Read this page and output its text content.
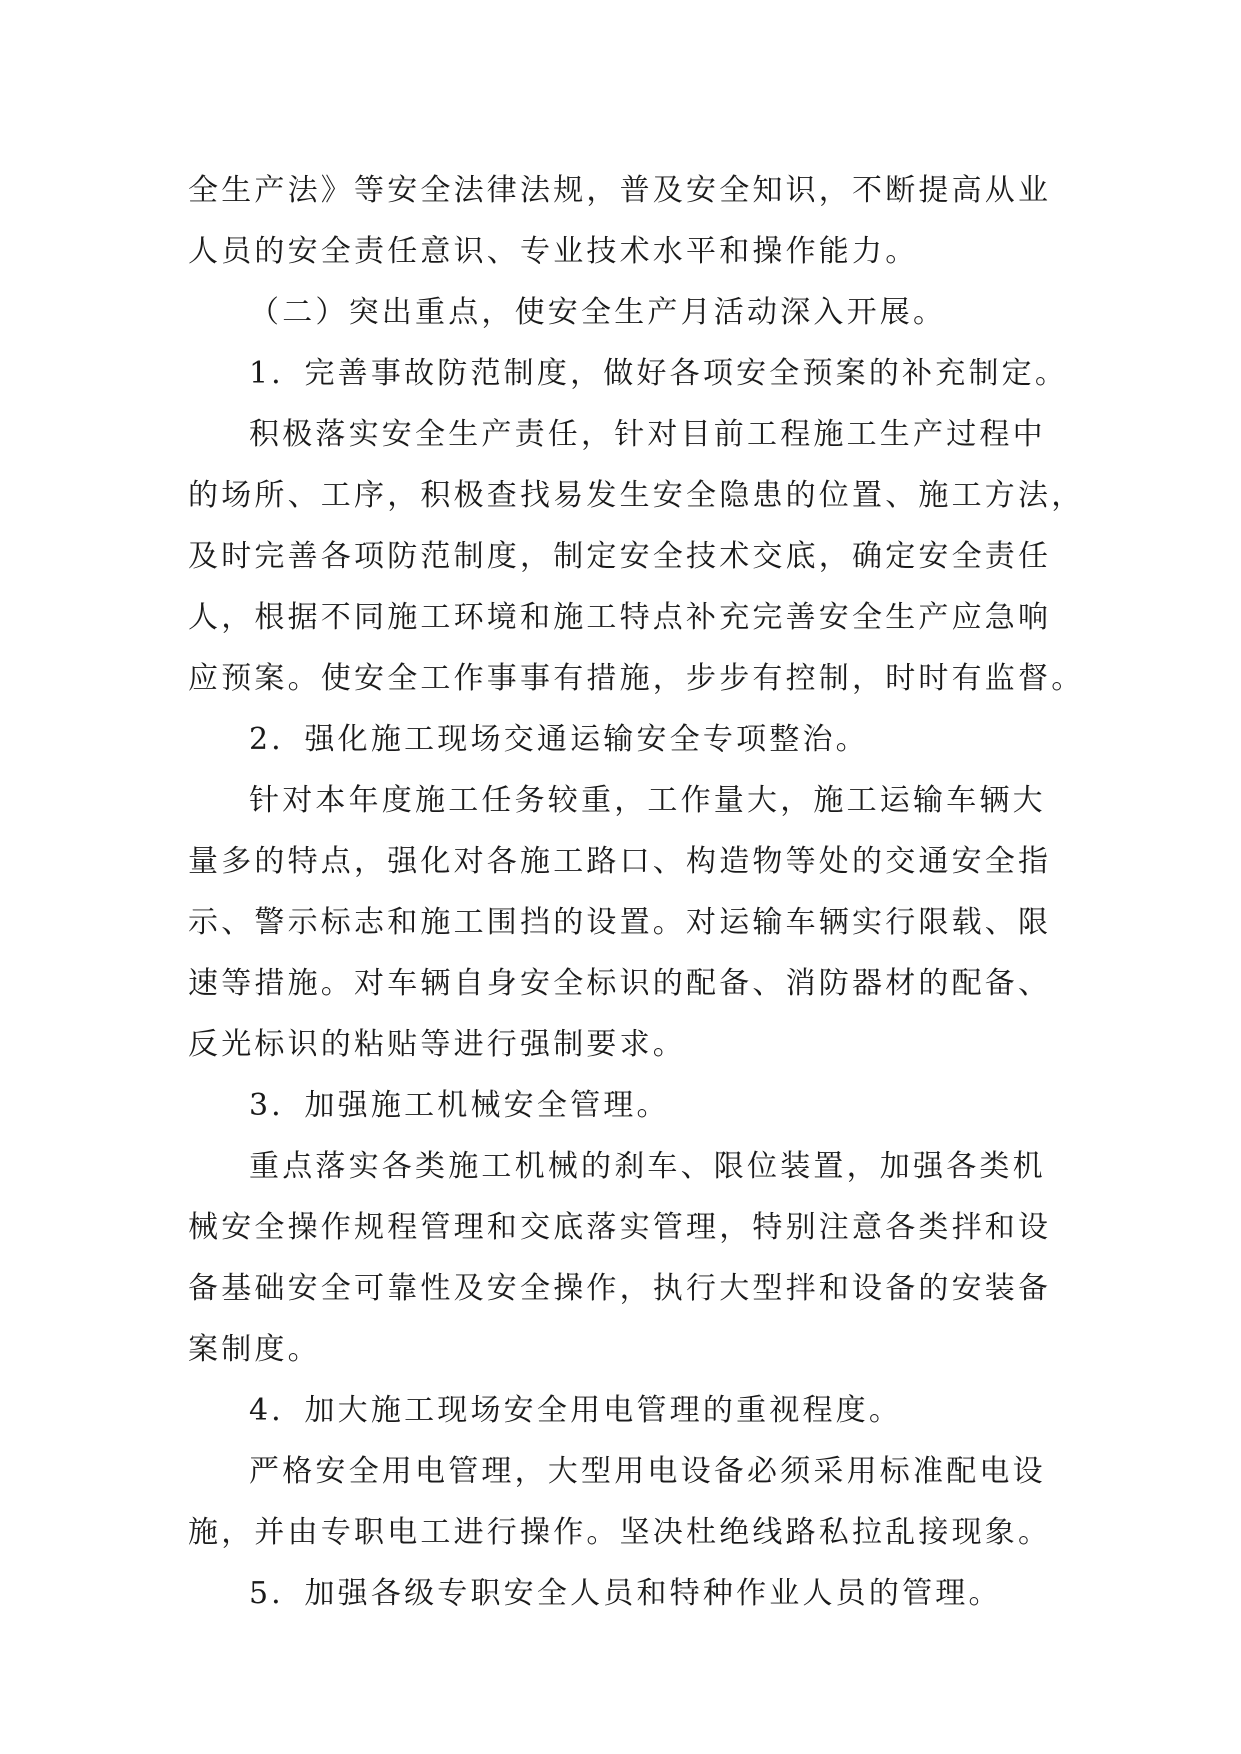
全生产法》等安全法律法规，普及安全知识，不断提高从业
人员的安全责任意识、专业技术水平和操作能力。
（二）突出重点，使安全生产月活动深入开展。
1．完善事故防范制度，做好各项安全预案的补充制定。
积极落实安全生产责任，针对目前工程施工生产过程中
的场所、工序，积极查找易发生安全隐患的位置、施工方法，
及时完善各项防范制度，制定安全技术交底，确定安全责任
人，根据不同施工环境和施工特点补充完善安全生产应急响
应预案。使安全工作事事有措施，步步有控制，时时有监督。
2．强化施工现场交通运输安全专项整治。
针对本年度施工任务较重，工作量大，施工运输车辆大
量多的特点，强化对各施工路口、构造物等处的交通安全指
示、警示标志和施工围挡的设置。对运输车辆实行限载、限
速等措施。对车辆自身安全标识的配备、消防器材的配备、
反光标识的粘贴等进行强制要求。
3．加强施工机械安全管理。
重点落实各类施工机械的刹车、限位装置，加强各类机
械安全操作规程管理和交底落实管理，特别注意各类拌和设
备基础安全可靠性及安全操作，执行大型拌和设备的安装备
案制度。
4．加大施工现场安全用电管理的重视程度。
严格安全用电管理，大型用电设备必须采用标准配电设
施，并由专职电工进行操作。坚决杜绝线路私拉乱接现象。
5．加强各级专职安全人员和特种作业人员的管理。
